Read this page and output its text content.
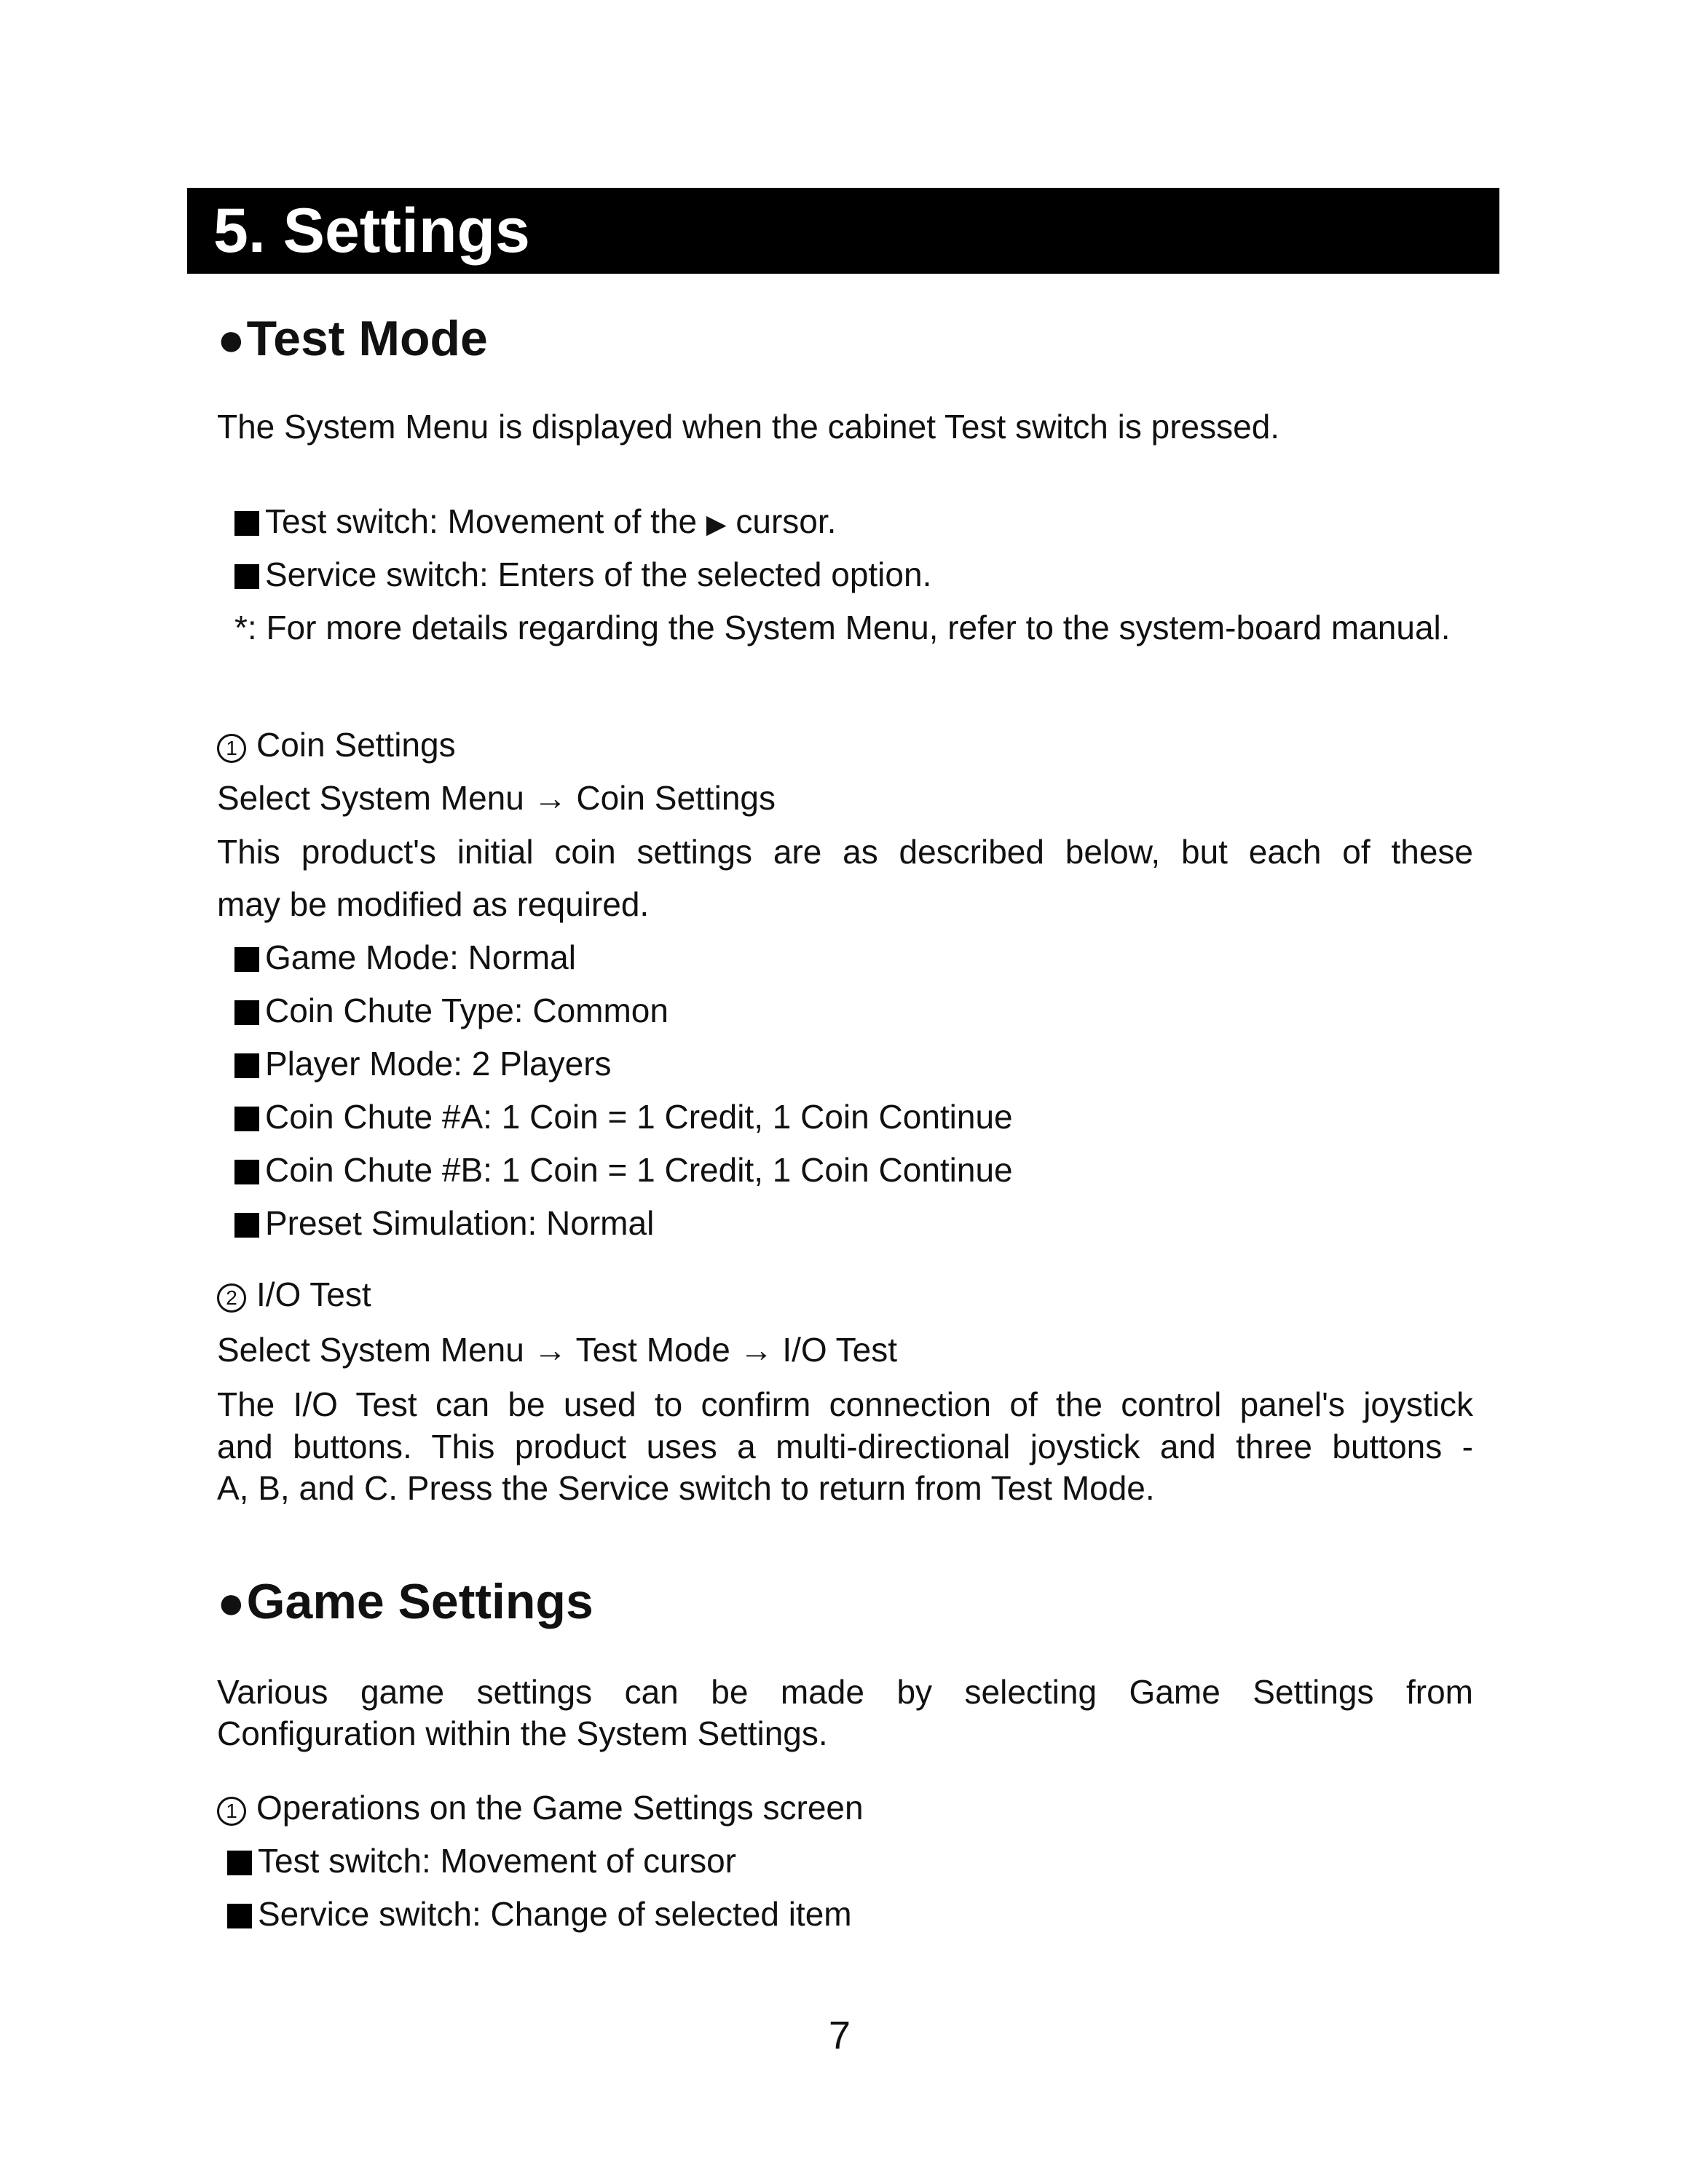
5. Settings
●Test Mode
The System Menu is displayed when the cabinet Test switch is pressed.
Test switch: Movement of the ▶ cursor.
Service switch: Enters of the selected option.
*: For more details regarding the System Menu, refer to the system-board manual.
1 Coin Settings
Select System Menu → Coin Settings
This product's initial coin settings are as described below, but each of these
may be modified as required.
Game Mode: Normal
Coin Chute Type: Common
Player Mode: 2 Players
Coin Chute #A: 1 Coin = 1 Credit, 1 Coin Continue
Coin Chute #B: 1 Coin = 1 Credit, 1 Coin Continue
Preset Simulation: Normal
2 I/O Test
Select System Menu → Test Mode → I/O Test
The I/O Test can be used to confirm connection of the control panel's joystick
and buttons. This product uses a multi-directional joystick and three buttons -
A, B, and C. Press the Service switch to return from Test Mode.
●Game Settings
Various game settings can be made by selecting Game Settings from
Configuration within the System Settings.
1 Operations on the Game Settings screen
Test switch: Movement of cursor
Service switch: Change of selected item
7
